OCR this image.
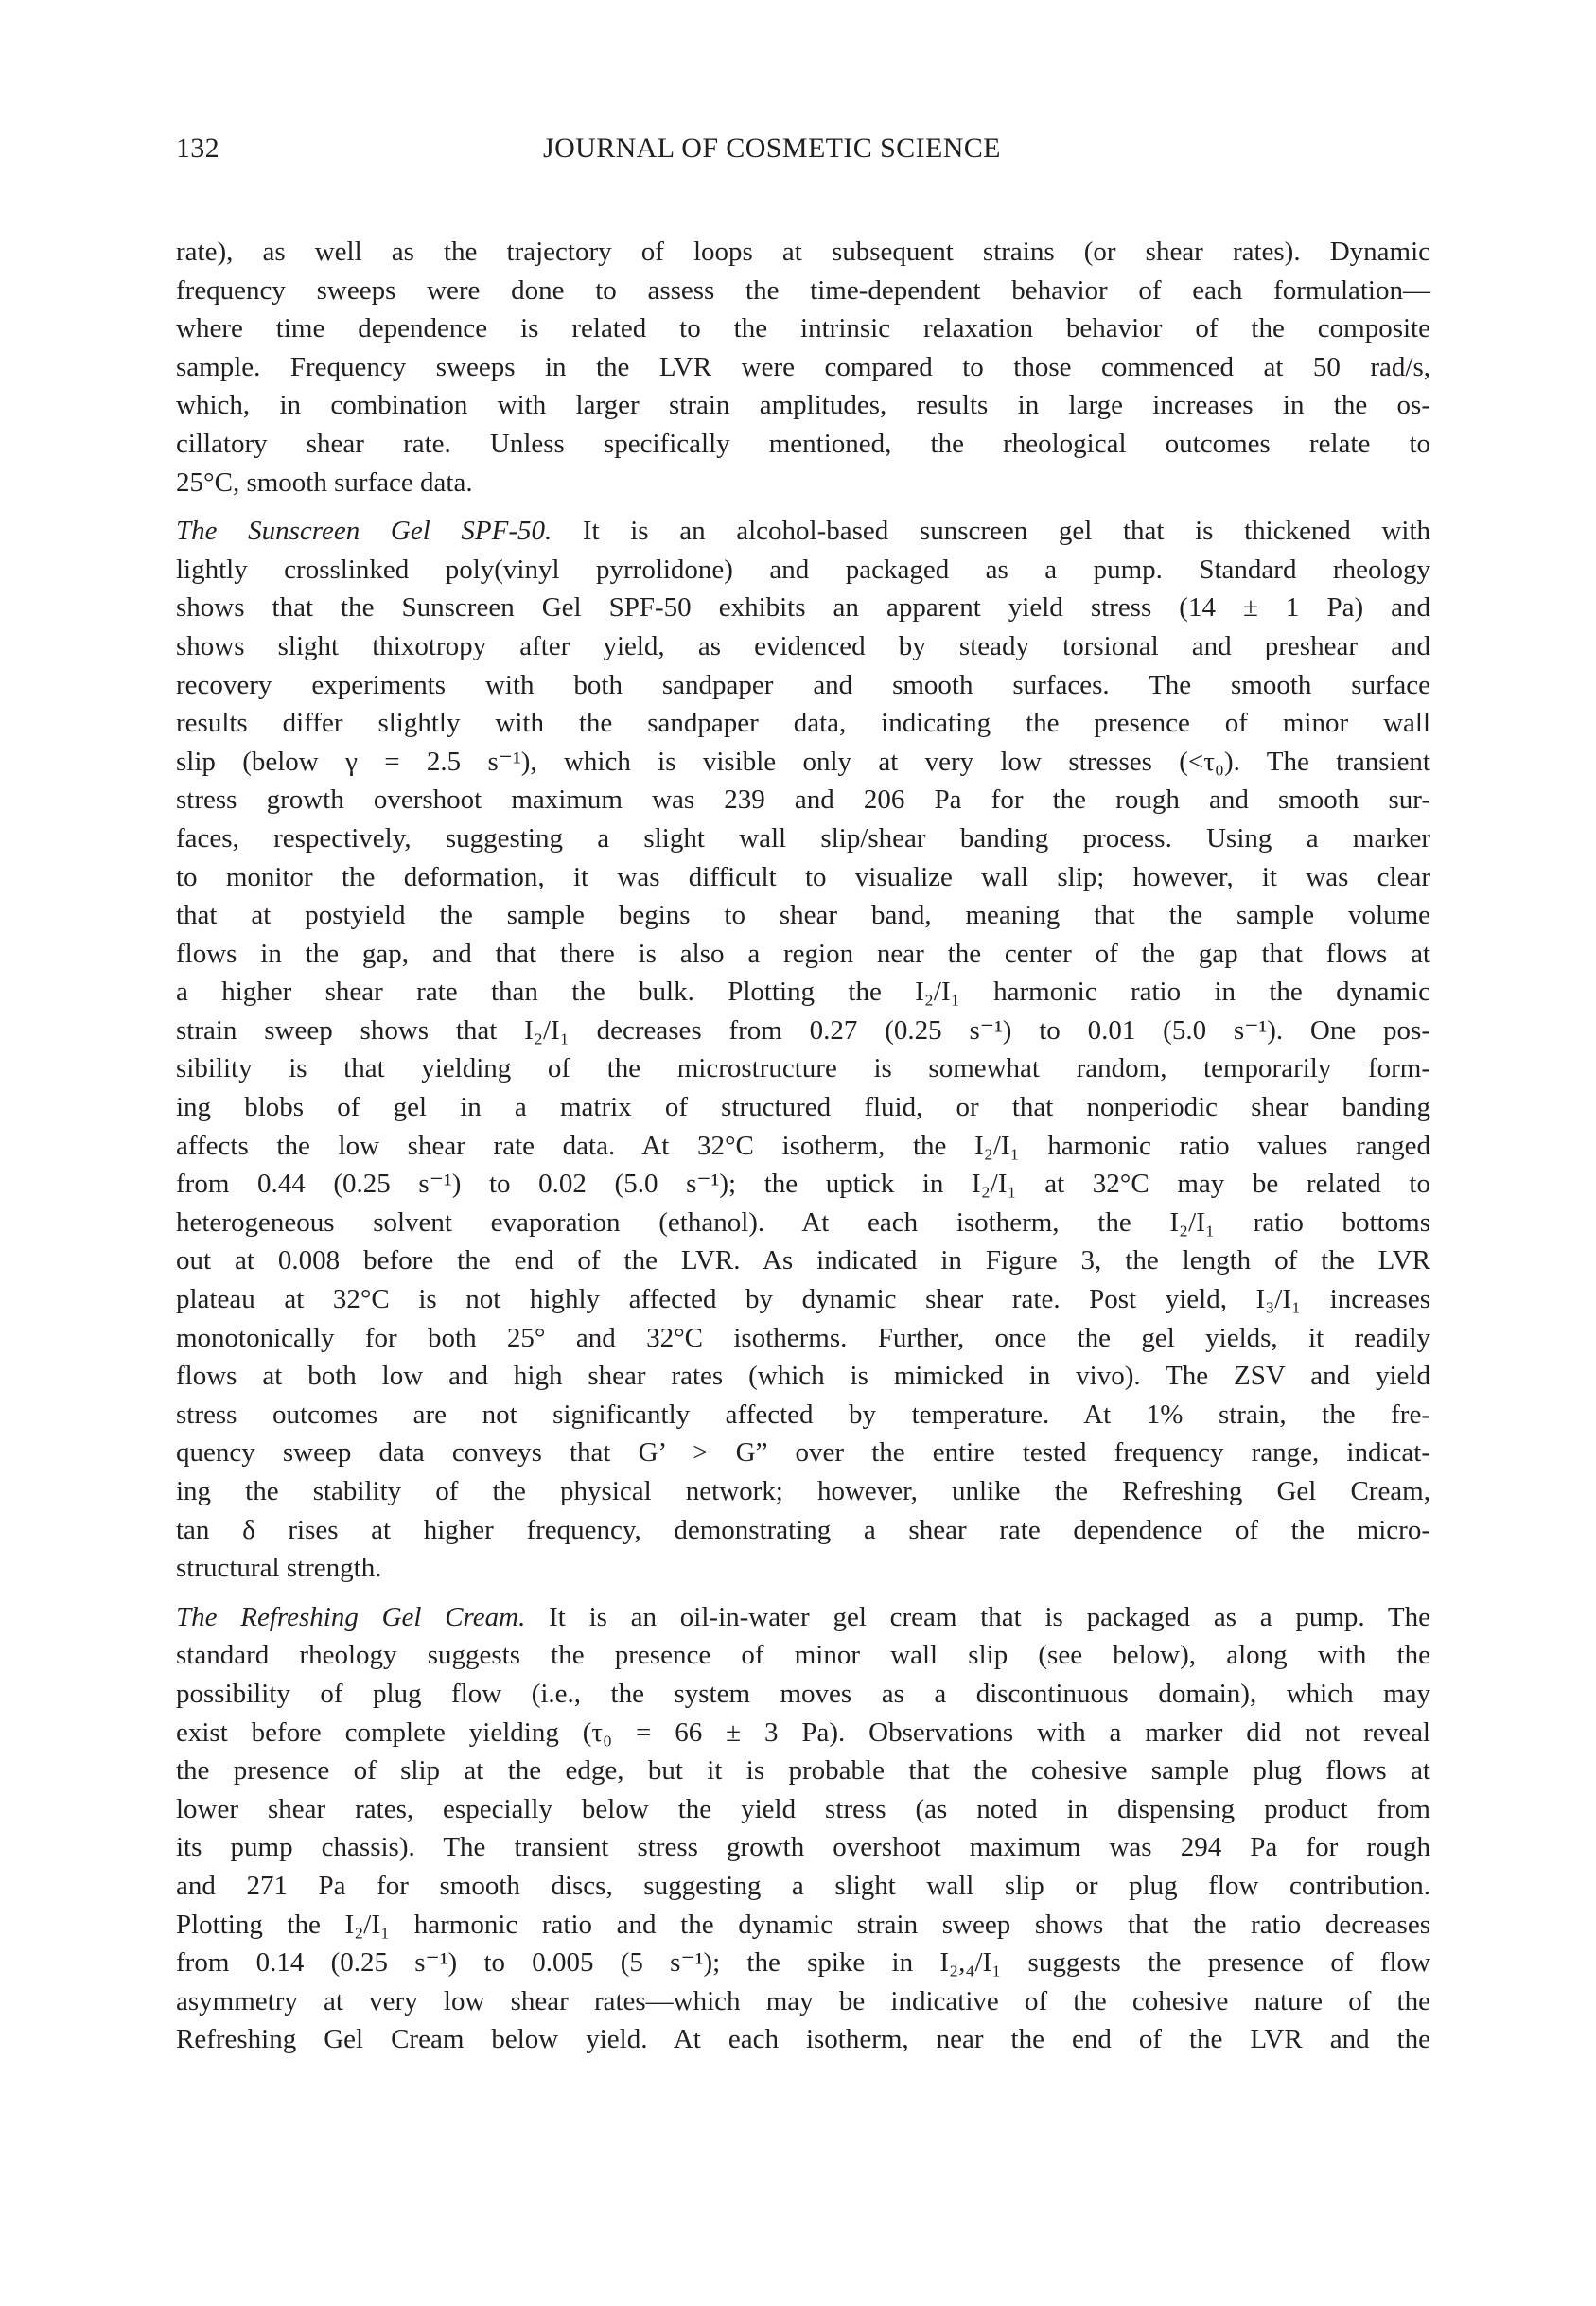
132	JOURNAL OF COSMETIC SCIENCE

rate), as well as the trajectory of loops at subsequent strains (or shear rates). Dynamic
frequency sweeps were done to assess the time-dependent behavior of each formulation—
where time dependence is related to the intrinsic relaxation behavior of the composite
sample. Frequency sweeps in the LVR were compared to those commenced at 50 rad/s,
which, in combination with larger strain amplitudes, results in large increases in the os-
cillatory shear rate. Unless specifically mentioned, the rheological outcomes relate to
25°C, smooth surface data.

The Sunscreen Gel SPF-50. It is an alcohol-based sunscreen gel that is thickened with
lightly crosslinked poly(vinyl pyrrolidone) and packaged as a pump. Standard rheology
shows that the Sunscreen Gel SPF-50 exhibits an apparent yield stress (14 ± 1 Pa) and
shows slight thixotropy after yield, as evidenced by steady torsional and preshear and
recovery experiments with both sandpaper and smooth surfaces. The smooth surface
results differ slightly with the sandpaper data, indicating the presence of minor wall
slip (below γ = 2.5 s⁻¹), which is visible only at very low stresses (<τ₀). The transient
stress growth overshoot maximum was 239 and 206 Pa for the rough and smooth sur-
faces, respectively, suggesting a slight wall slip/shear banding process. Using a marker
to monitor the deformation, it was difficult to visualize wall slip; however, it was clear
that at postyield the sample begins to shear band, meaning that the sample volume
flows in the gap, and that there is also a region near the center of the gap that flows at
a higher shear rate than the bulk. Plotting the I₂/I₁ harmonic ratio in the dynamic
strain sweep shows that I₂/I₁ decreases from 0.27 (0.25 s⁻¹) to 0.01 (5.0 s⁻¹). One pos-
sibility is that yielding of the microstructure is somewhat random, temporarily form-
ing blobs of gel in a matrix of structured fluid, or that nonperiodic shear banding
affects the low shear rate data. At 32°C isotherm, the I₂/I₁ harmonic ratio values ranged
from 0.44 (0.25 s⁻¹) to 0.02 (5.0 s⁻¹); the uptick in I₂/I₁ at 32°C may be related to
heterogeneous solvent evaporation (ethanol). At each isotherm, the I₂/I₁ ratio bottoms
out at 0.008 before the end of the LVR. As indicated in Figure 3, the length of the LVR
plateau at 32°C is not highly affected by dynamic shear rate. Post yield, I₃/I₁ increases
monotonically for both 25° and 32°C isotherms. Further, once the gel yields, it readily
flows at both low and high shear rates (which is mimicked in vivo). The ZSV and yield
stress outcomes are not significantly affected by temperature. At 1% strain, the fre-
quency sweep data conveys that G’ > G” over the entire tested frequency range, indicat-
ing the stability of the physical network; however, unlike the Refreshing Gel Cream,
tan δ rises at higher frequency, demonstrating a shear rate dependence of the micro-
structural strength.

The Refreshing Gel Cream. It is an oil-in-water gel cream that is packaged as a pump. The
standard rheology suggests the presence of minor wall slip (see below), along with the
possibility of plug flow (i.e., the system moves as a discontinuous domain), which may
exist before complete yielding (τ₀ = 66 ± 3 Pa). Observations with a marker did not reveal
the presence of slip at the edge, but it is probable that the cohesive sample plug flows at
lower shear rates, especially below the yield stress (as noted in dispensing product from
its pump chassis). The transient stress growth overshoot maximum was 294 Pa for rough
and 271 Pa for smooth discs, suggesting a slight wall slip or plug flow contribution.
Plotting the I₂/I₁ harmonic ratio and the dynamic strain sweep shows that the ratio decreases
from 0.14 (0.25 s⁻¹) to 0.005 (5 s⁻¹); the spike in I₂,₄/I₁ suggests the presence of flow
asymmetry at very low shear rates—which may be indicative of the cohesive nature of the
Refreshing Gel Cream below yield. At each isotherm, near the end of the LVR and the
